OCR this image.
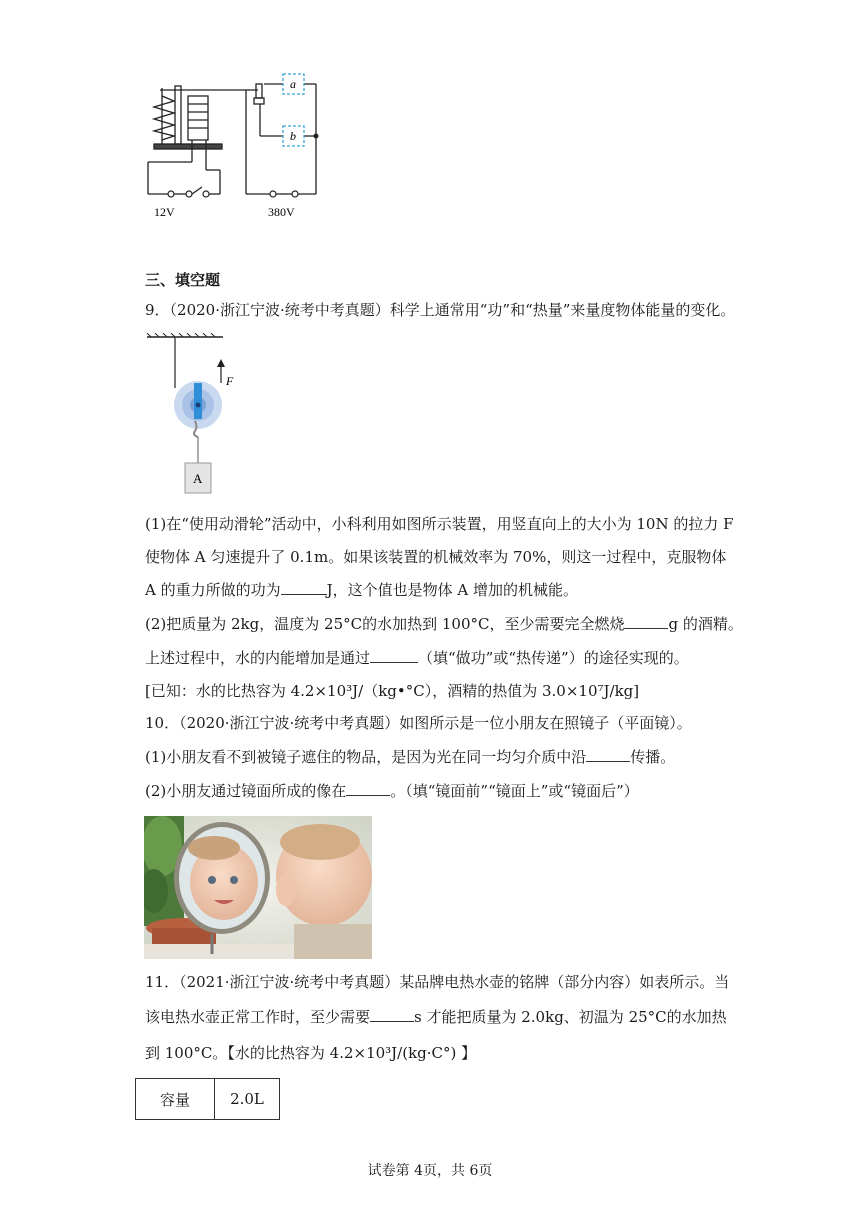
a
b
12V	380V
三、填空题
9．（2020·浙江宁波·统考中考真题）科学上通常用“功”和“热量”来量度物体能量的变化。
F
A
(1)在“使用动滑轮”活动中，小科利用如图所示装置，用竖直向上的大小为 10N 的拉力 F
使物体 A 匀速提升了 0.1m。如果该装置的机械效率为 70%，则这一过程中，克服物体
A 的重力所做的功为	J，这个值也是物体 A 增加的机械能。
(2)把质量为 2kg，温度为 25°C的水加热到 100°C，至少需要完全燃烧	g 的酒精。
上述过程中，水的内能增加是通过	（填“做功”或“热传递”）的途径实现的。
[已知：水的比热容为 4.2×10³J/（kg•°C），酒精的热值为 3.0×10⁷J/kg]
10．（2020·浙江宁波·统考中考真题）如图所示是一位小朋友在照镜子（平面镜）。
(1)小朋友看不到被镜子遮住的物品，是因为光在同一均匀介质中沿	传播。
(2)小朋友通过镜面所成的像在	。（填“镜面前”“镜面上”或“镜面后”）
11．（2021·浙江宁波·统考中考真题）某品牌电热水壶的铭牌（部分内容）如表所示。当
该电热水壶正常工作时，至少需要	s 才能把质量为 2.0kg、初温为 25°C的水加热
到 100°C。【水的比热容为 4.2×10³J/(kg·C°) 】
容量	2.0L
试卷第 4页，共 6页
